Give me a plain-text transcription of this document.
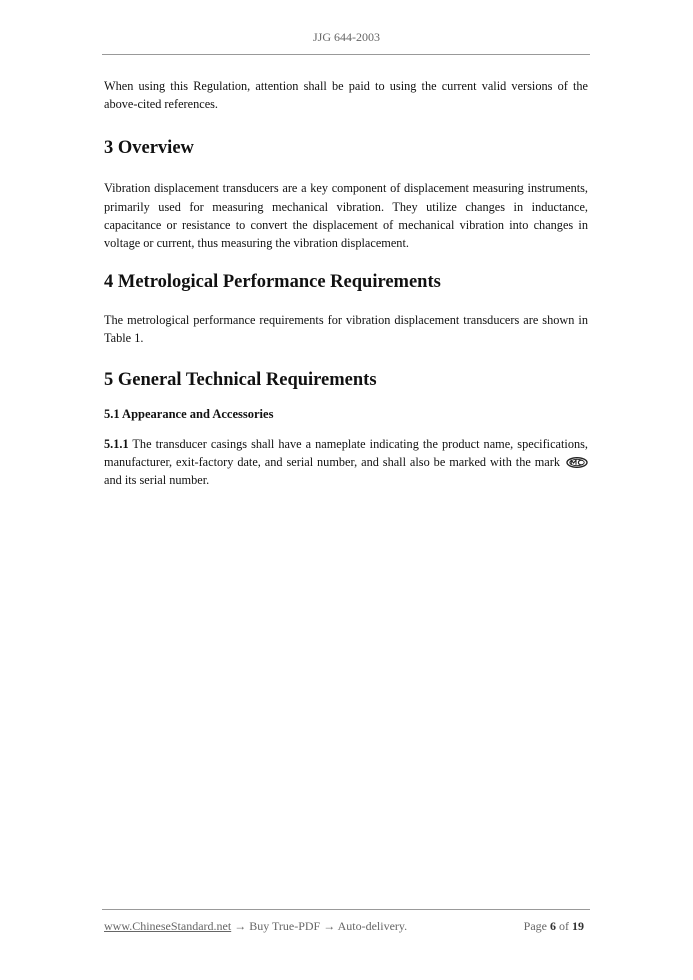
JJG 644-2003

When using this Regulation, attention shall be paid to using the current valid versions of the above-cited references.

3 Overview

Vibration displacement transducers are a key component of displacement measuring instruments, primarily used for measuring mechanical vibration. They utilize changes in inductance, capacitance or resistance to convert the displacement of mechanical vibration into changes in voltage or current, thus measuring the vibration displacement.

4 Metrological Performance Requirements

The metrological performance requirements for vibration displacement transducers are shown in Table 1.

5 General Technical Requirements
5.1 Appearance and Accessories

5.1.1 The transducer casings shall have a nameplate indicating the product name, specifications, manufacturer, exit-factory date, and serial number, and shall also be marked with the mark and its serial number.

www.ChineseStandard.net → Buy True-PDF → Auto-delivery.	Page 6 of 19
